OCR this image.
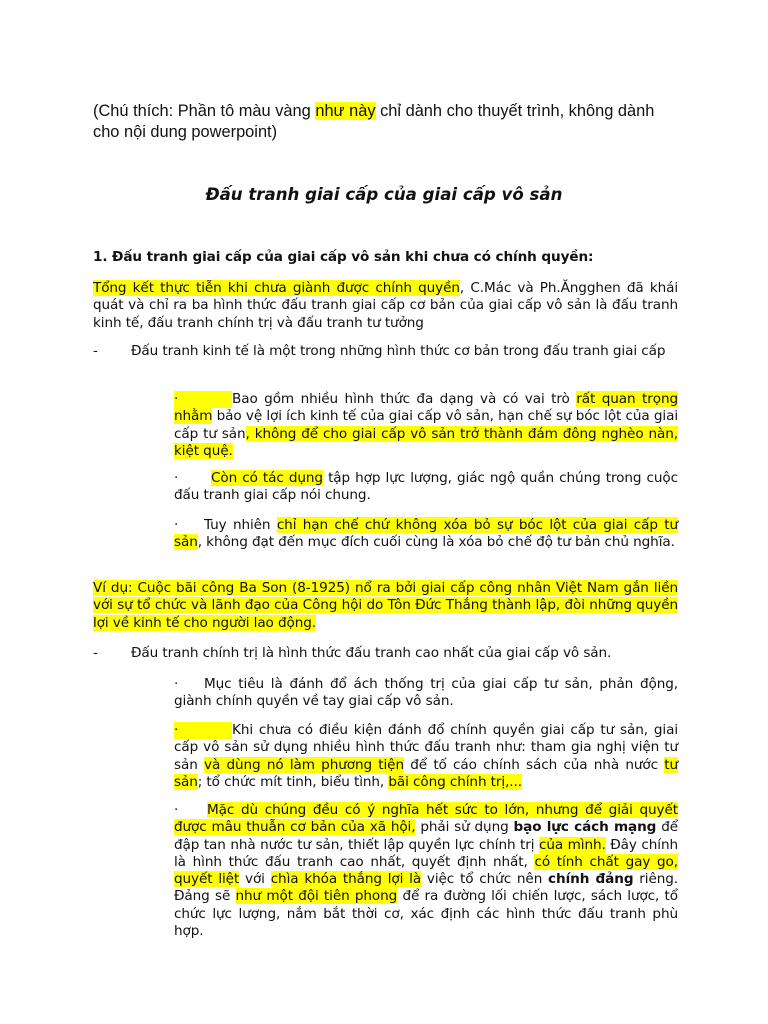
(Chú thích: Phần tô màu vàng như này chỉ dành cho thuyết trình, không dành cho nội dung powerpoint)

Đấu tranh giai cấp của giai cấp vô sản

1. Đấu tranh giai cấp của giai cấp vô sản khi chưa có chính quyền:

Tổng kết thực tiễn khi chưa giành được chính quyền, C.Mác và Ph.Ăngghen đã khái quát và chỉ ra ba hình thức đấu tranh giai cấp cơ bản của giai cấp vô sản là đấu tranh kinh tế, đấu tranh chính trị và đấu tranh tư tưởng

- Đấu tranh kinh tế là một trong những hình thức cơ bản trong đấu tranh giai cấp

·	Bao gồm nhiều hình thức đa dạng và có vai trò rất quan trọng nhằm bảo vệ lợi ích kinh tế của giai cấp vô sản, hạn chế sự bóc lột của giai cấp tư sản, không để cho giai cấp vô sản trở thành đám đông nghèo nàn, kiệt quệ.

· Còn có tác dụng tập hợp lực lượng, giác ngộ quần chúng trong cuộc đấu tranh giai cấp nói chung.

· Tuy nhiên chỉ hạn chế chứ không xóa bỏ sự bóc lột của giai cấp tư sản, không đạt đến mục đích cuối cùng là xóa bỏ chế độ tư bản chủ nghĩa.

Ví dụ: Cuộc bãi công Ba Son (8-1925) nổ ra bởi giai cấp công nhân Việt Nam gắn liền với sự tổ chức và lãnh đạo của Công hội do Tôn Đức Thắng thành lập, đòi những quyền lợi về kinh tế cho người lao động.

- Đấu tranh chính trị là hình thức đấu tranh cao nhất của giai cấp vô sản.

· Mục tiêu là đánh đổ ách thống trị của giai cấp tư sản, phản động, giành chính quyền về tay giai cấp vô sản.

·	Khi chưa có điều kiện đánh đổ chính quyền giai cấp tư sản, giai cấp vô sản sử dụng nhiều hình thức đấu tranh như: tham gia nghị viện tư sản và dùng nó làm phương tiện để tố cáo chính sách của nhà nước tư sản; tổ chức mít tinh, biểu tình, bãi công chính trị,...

· Mặc dù chúng đều có ý nghĩa hết sức to lớn, nhưng để giải quyết được mâu thuẫn cơ bản của xã hội, phải sử dụng bạo lực cách mạng để đập tan nhà nước tư sản, thiết lập quyền lực chính trị của mình. Đây chính là hình thức đấu tranh cao nhất, quyết định nhất, có tính chất gay go, quyết liệt với chìa khóa thắng lợi là việc tổ chức nên chính đảng riêng. Đảng sẽ như một đội tiên phong để ra đường lối chiến lược, sách lược, tổ chức lực lượng, nắm bắt thời cơ, xác định các hình thức đấu tranh phù hợp.
